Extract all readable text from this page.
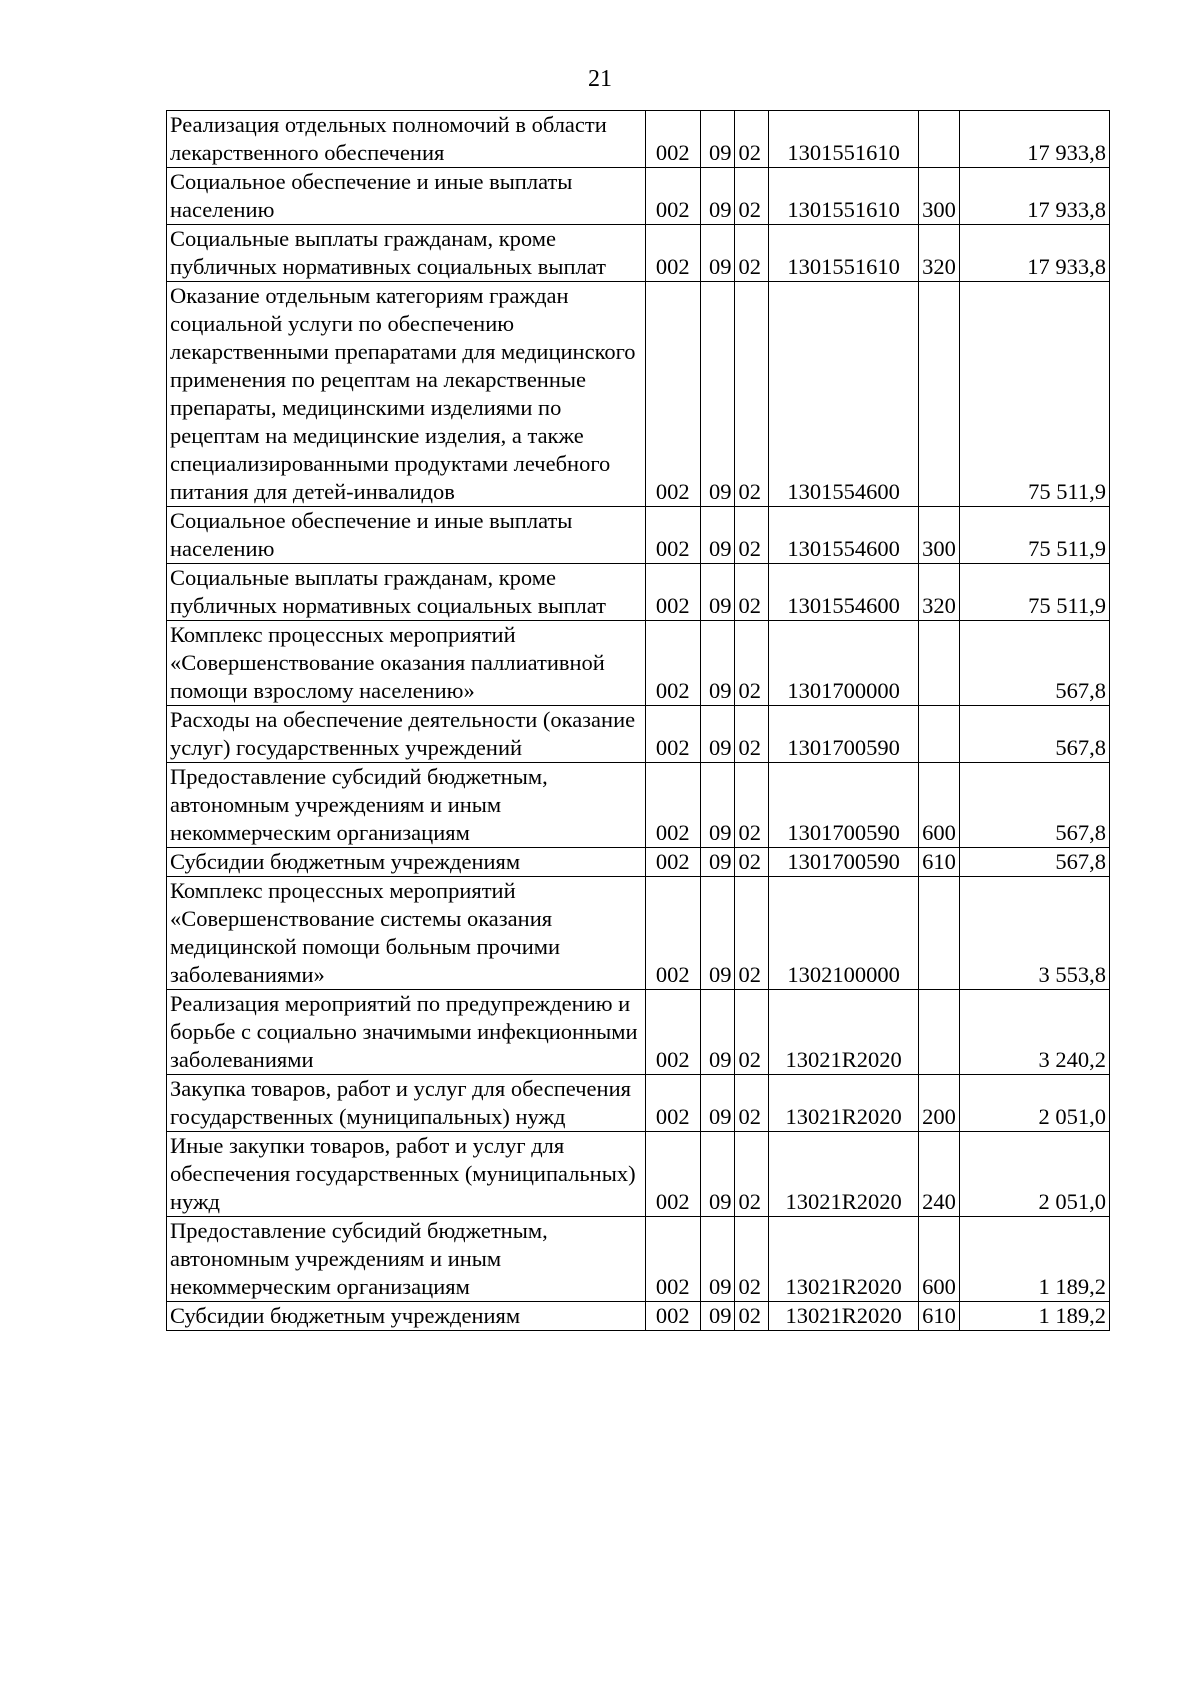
21
Реализация отдельных полномочий в области лекарственного обеспечения	002	09	02	1301551610		17 933,8
Социальное обеспечение и иные выплаты населению	002	09	02	1301551610	300	17 933,8
Социальные выплаты гражданам, кроме публичных нормативных социальных выплат	002	09	02	1301551610	320	17 933,8
Оказание отдельным категориям граждан социальной услуги по обеспечению лекарственными препаратами для медицинского применения по рецептам на лекарственные препараты, медицинскими изделиями по рецептам на медицинские изделия, а также специализированными продуктами лечебного питания для детей-инвалидов	002	09	02	1301554600		75 511,9
Социальное обеспечение и иные выплаты населению	002	09	02	1301554600	300	75 511,9
Социальные выплаты гражданам, кроме публичных нормативных социальных выплат	002	09	02	1301554600	320	75 511,9
Комплекс процессных мероприятий «Совершенствование оказания паллиативной помощи взрослому населению»	002	09	02	1301700000		567,8
Расходы на обеспечение деятельности (оказание услуг) государственных учреждений	002	09	02	1301700590		567,8
Предоставление субсидий бюджетным, автономным учреждениям и иным некоммерческим организациям	002	09	02	1301700590	600	567,8
Субсидии бюджетным учреждениям	002	09	02	1301700590	610	567,8
Комплекс процессных мероприятий «Совершенствование системы оказания медицинской помощи больным прочими заболеваниями»	002	09	02	1302100000		3 553,8
Реализация мероприятий по предупреждению и борьбе с социально значимыми инфекционными заболеваниями	002	09	02	13021R2020		3 240,2
Закупка товаров, работ и услуг для обеспечения государственных (муниципальных) нужд	002	09	02	13021R2020	200	2 051,0
Иные закупки товаров, работ и услуг для обеспечения государственных (муниципальных) нужд	002	09	02	13021R2020	240	2 051,0
Предоставление субсидий бюджетным, автономным учреждениям и иным некоммерческим организациям	002	09	02	13021R2020	600	1 189,2
Субсидии бюджетным учреждениям	002	09	02	13021R2020	610	1 189,2
